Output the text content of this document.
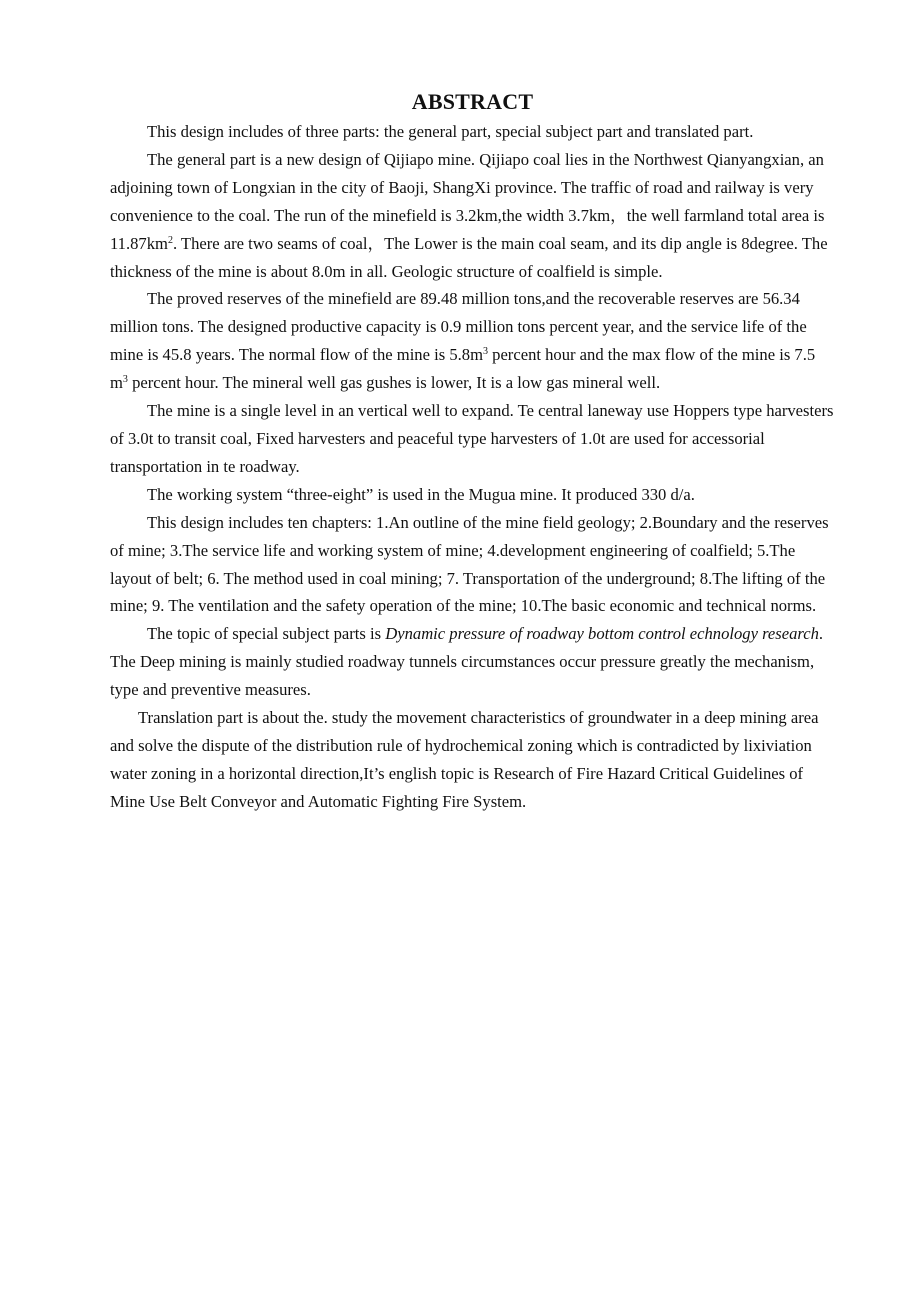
ABSTRACT

This design includes of three parts: the general part, special subject part and translated part.

The general part is a new design of Qijiapo mine. Qijiapo coal lies in the Northwest Qianyangxian, an adjoining town of Longxian in the city of Baoji, ShangXi province. The traffic of road and railway is very convenience to the coal. The run of the minefield is 3.2km,the width 3.7km，the well farmland total area is $11.87km^2$. There are two seams of coal，The Lower is the main coal seam, and its dip angle is 8degree. The thickness of the mine is about 8.0m in all. Geologic structure of coalfield is simple.

The proved reserves of the minefield are 89.48 million tons,and the recoverable reserves are 56.34 million tons. The designed productive capacity is 0.9 million tons percent year, and the service life of the mine is 45.8 years. The normal flow of the mine is $5.8m^3$ percent hour and the max flow of the mine is 7.5 $m^3$ percent hour. The mineral well gas gushes is lower, It is a low gas mineral well.

The mine is a single level in an vertical well to expand. Te central laneway use Hoppers type harvesters of 3.0t to transit coal, Fixed harvesters and peaceful type harvesters of 1.0t are used for accessorial transportation in te roadway.

The working system “three-eight” is used in the Mugua mine. It produced 330 d/a.

This design includes ten chapters: 1.An outline of the mine field geology; 2.Boundary and the reserves of mine; 3.The service life and working system of mine; 4.development engineering of coalfield; 5.The layout of belt; 6. The method used in coal mining; 7. Transportation of the underground; 8.The lifting of the mine; 9. The ventilation and the safety operation of the mine; 10.The basic economic and technical norms.

The topic of special subject parts is Dynamic pressure of roadway bottom control echnology research. The Deep mining is mainly studied roadway tunnels circumstances occur pressure greatly the mechanism, type and preventive measures.

Translation part is about the. study the movement characteristics of groundwater in a deep mining area and solve the dispute of the distribution rule of hydrochemical zoning which is contradicted by lixiviation water zoning in a horizontal direction,It’s english topic is Research of Fire Hazard Critical Guidelines of Mine Use Belt Conveyor and Automatic Fighting Fire System.
